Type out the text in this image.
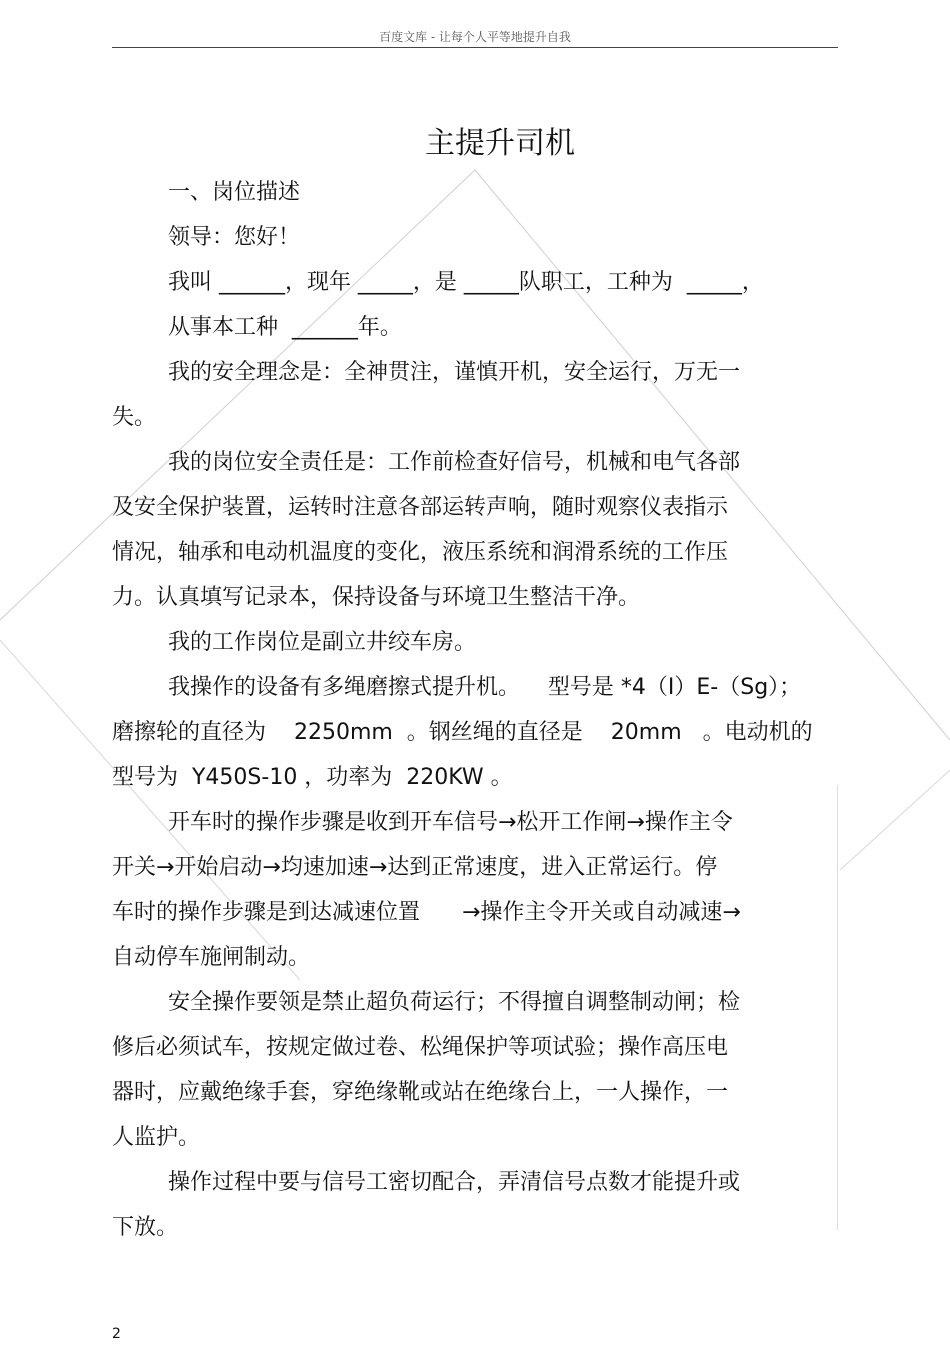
百度文库 - 让每个人平等地提升自我
主提升司机
一、岗位描述
领导：您好！
我叫 ______，现年 _____，是 _____队职工，工种为  _____，
从事本工种  ______年。
我的安全理念是：全神贯注，谨慎开机，安全运行，万无一
失。
我的岗位安全责任是：工作前检查好信号，机械和电气各部
及安全保护装置，运转时注意各部运转声响，随时观察仪表指示
情况，轴承和电动机温度的变化，液压系统和润滑系统的工作压
力。认真填写记录本，保持设备与环境卫生整洁干净。
我的工作岗位是副立井绞车房。
我操作的设备有多绳磨擦式提升机。    型号是 *4（I）E-（Sg）；
磨擦轮的直径为    2250mm  。钢丝绳的直径是    20mm   。电动机的
型号为  Y450S-10 ，功率为  220KW 。
开车时的操作步骤是收到开车信号→松开工作闸→操作主令
开关→开始启动→均速加速→达到正常速度，进入正常运行。停
车时的操作步骤是到达减速位置      →操作主令开关或自动减速→
自动停车施闸制动。
安全操作要领是禁止超负荷运行；不得擅自调整制动闸；检
修后必须试车，按规定做过卷、松绳保护等项试验；操作高压电
器时，应戴绝缘手套，穿绝缘靴或站在绝缘台上，一人操作，一
人监护。
操作过程中要与信号工密切配合，弄清信号点数才能提升或
下放。
2
